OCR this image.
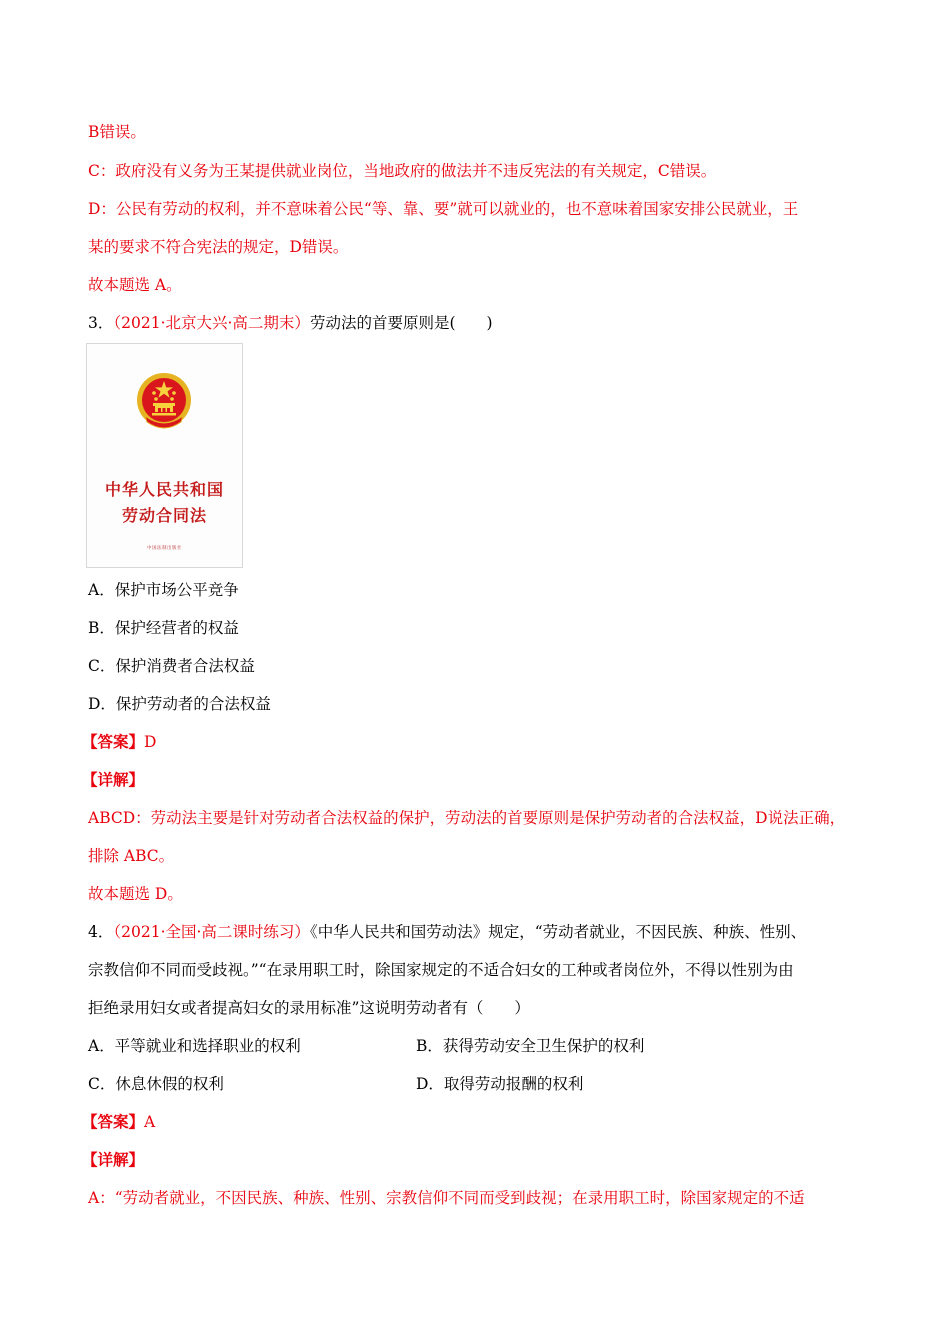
B错误。
C：政府没有义务为王某提供就业岗位，当地政府的做法并不违反宪法的有关规定，C错误。
D：公民有劳动的权利，并不意味着公民“等、靠、要”就可以就业的，也不意味着国家安排公民就业，王
某的要求不符合宪法的规定，D错误。
故本题选 A。
3．（2021·北京大兴·高二期末）劳动法的首要原则是(　　)
中华人民共和国
劳动合同法
中国法制出版社
A．保护市场公平竞争
B．保护经营者的权益
C．保护消费者合法权益
D．保护劳动者的合法权益
【答案】D
【详解】
ABCD：劳动法主要是针对劳动者合法权益的保护，劳动法的首要原则是保护劳动者的合法权益，D说法正确，
排除 ABC。
故本题选 D。
4．（2021·全国·高二课时练习）《中华人民共和国劳动法》规定，“劳动者就业，不因民族、种族、性别、
宗教信仰不同而受歧视。”“在录用职工时，除国家规定的不适合妇女的工种或者岗位外，不得以性别为由
拒绝录用妇女或者提高妇女的录用标准”这说明劳动者有（　　）
A．平等就业和选择职业的权利	B．获得劳动安全卫生保护的权利
C．休息休假的权利	D．取得劳动报酬的权利
【答案】A
【详解】
A：“劳动者就业，不因民族、种族、性别、宗教信仰不同而受到歧视；在录用职工时，除国家规定的不适
